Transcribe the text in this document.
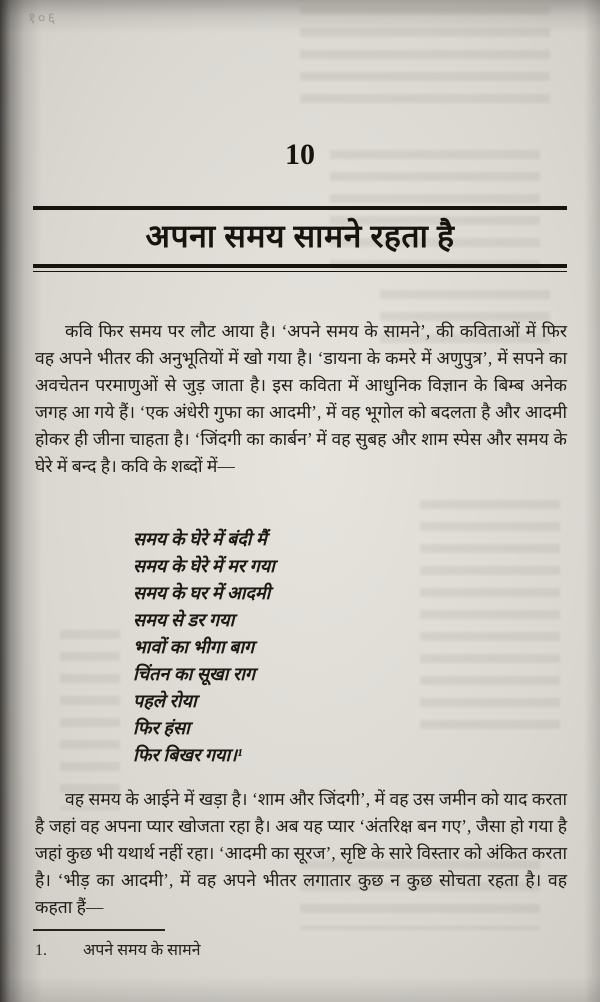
१०६
10
अपना समय सामने रहता है

कवि फिर समय पर लौट आया है। ‘अपने समय के सामने’, की कविताओं में फिर वह अपने भीतर की अनुभूतियों में खो गया है। ‘डायना के कमरे में अणुपुत्र’, में सपने का अवचेतन परमाणुओं से जुड़ जाता है। इस कविता में आधुनिक विज्ञान के बिम्ब अनेक जगह आ गये हैं। ‘एक अंधेरी गुफा का आदमी’, में वह भूगोल को बदलता है और आदमी होकर ही जीना चाहता है। ‘जिंदगी का कार्बन’ में वह सुबह और शाम स्पेस और समय के घेरे में बन्द है। कवि के शब्दों में—

समय के घेरे में बंदी मैं
समय के घेरे में मर गया
समय के घर में आदमी
समय से डर गया
भावों का भीगा बाग
चिंतन का सूखा राग
पहले रोया
फिर हंसा
फिर बिखर गया।¹

वह समय के आईने में खड़ा है। ‘शाम और जिंदगी’, में वह उस जमीन को याद करता है जहां वह अपना प्यार खोजता रहा है। अब यह प्यार ‘अंतरिक्ष बन गए’, जैसा हो गया है जहां कुछ भी यथार्थ नहीं रहा। ‘आदमी का सूरज’, सृष्टि के सारे विस्तार को अंकित करता है। ‘भीड़ का आदमी’, में वह अपने भीतर लगातार कुछ न कुछ सोचता रहता है। वह कहता हैं—

1. अपने समय के सामने
